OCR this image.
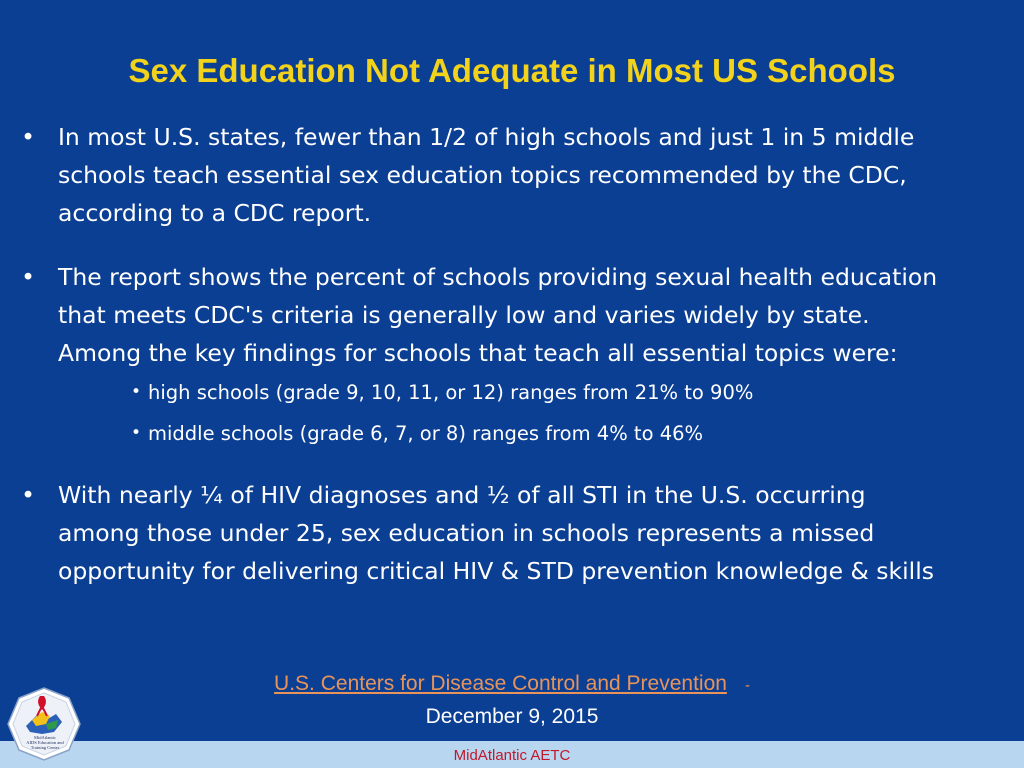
Sex Education Not Adequate in Most US Schools
• In most U.S. states, fewer than 1/2 of high schools and just 1 in 5 middle
schools teach essential sex education topics recommended by the CDC,
according to a CDC report.
• The report shows the percent of schools providing sexual health education
that meets CDC's criteria is generally low and varies widely by state.
Among the key findings for schools that teach all essential topics were:
• high schools (grade 9, 10, 11, or 12) ranges from 21% to 90%
• middle schools (grade 6, 7, or 8) ranges from 4% to 46%
• With nearly ¼ of HIV diagnoses and ½ of all STI in the U.S. occurring
among those under 25, sex education in schools represents a missed
opportunity for delivering critical HIV & STD prevention knowledge & skills
U.S. Centers for Disease Control and Prevention -
December 9, 2015
MidAtlantic AETC
MidAtlantic
AIDS Education and
Training Center
